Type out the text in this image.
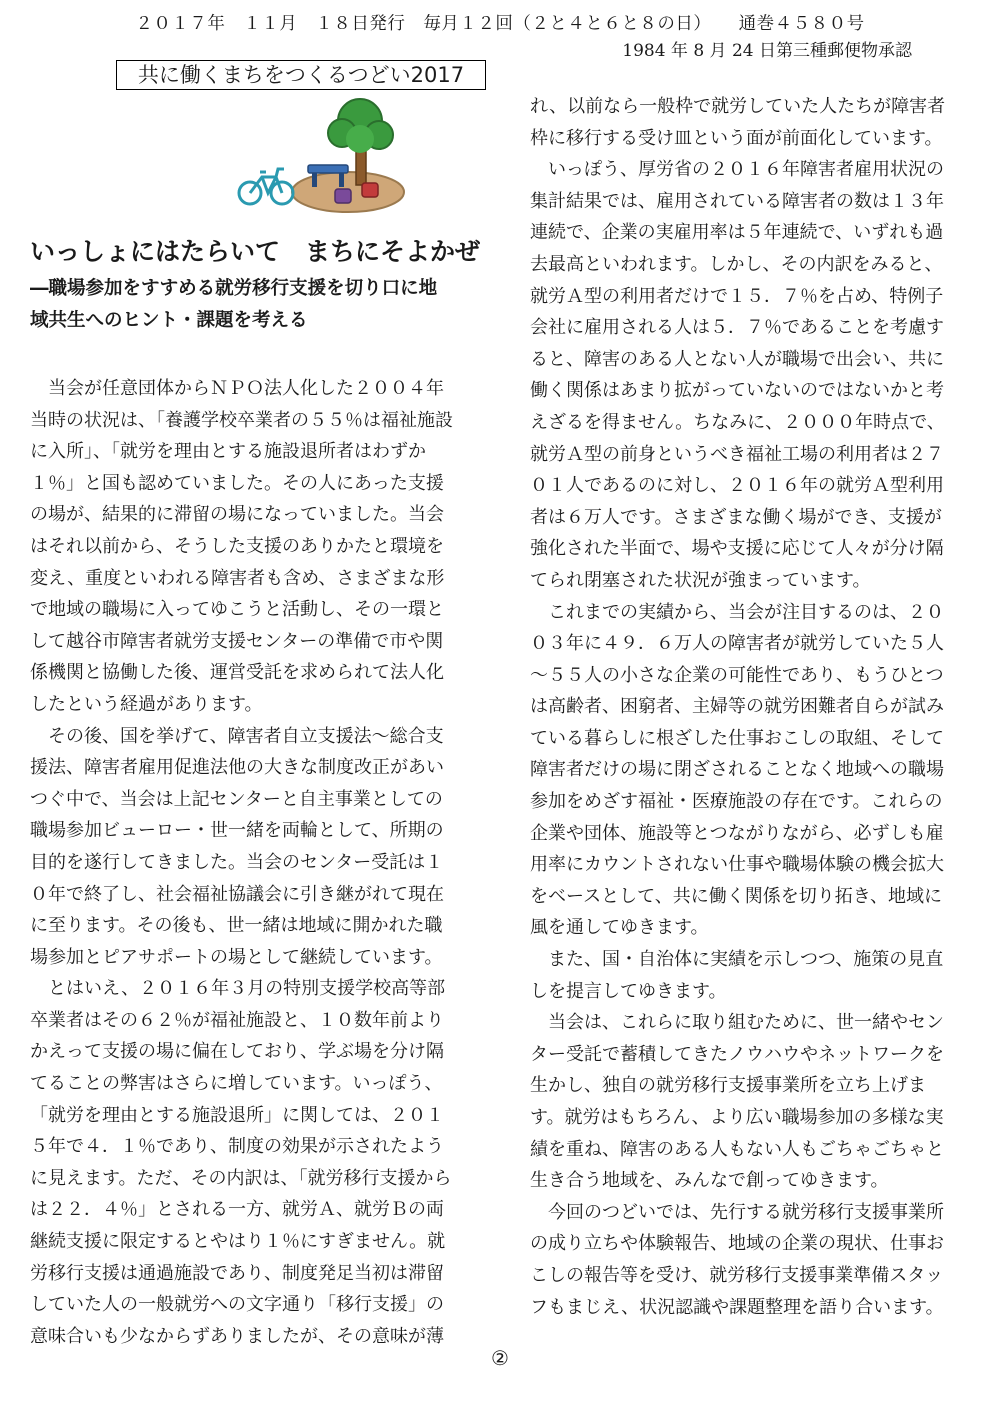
２０１７年　１１月　１８日発行　毎月１２回（２と４と６と８の日）　　通巻４５８０号
1984 年 8 月 24 日第三種郵便物承認
共に働くまちをつくるつどい2017
いっしょにはたらいて　まちにそよかぜ
―職場参加をすすめる就労移行支援を切り口に地
域共生へのヒント・課題を考える
　当会が任意団体からＮＰＯ法人化した２００４年
当時の状況は、「養護学校卒業者の５５％は福祉施設
に入所」、「就労を理由とする施設退所者はわずか
１％」と国も認めていました。その人にあった支援
の場が、結果的に滞留の場になっていました。当会
はそれ以前から、そうした支援のありかたと環境を
変え、重度といわれる障害者も含め、さまざまな形
で地域の職場に入ってゆこうと活動し、その一環と
して越谷市障害者就労支援センターの準備で市や関
係機関と協働した後、運営受託を求められて法人化
したという経過があります。
　その後、国を挙げて、障害者自立支援法～総合支
援法、障害者雇用促進法他の大きな制度改正があい
つぐ中で、当会は上記センターと自主事業としての
職場参加ビューロー・世一緒を両輪として、所期の
目的を遂行してきました。当会のセンター受託は１
０年で終了し、社会福祉協議会に引き継がれて現在
に至ります。その後も、世一緒は地域に開かれた職
場参加とピアサポートの場として継続しています。
　とはいえ、２０１６年３月の特別支援学校高等部
卒業者はその６２％が福祉施設と、１０数年前より
かえって支援の場に偏在しており、学ぶ場を分け隔
てることの弊害はさらに増しています。いっぽう、
「就労を理由とする施設退所」に関しては、２０１
５年で４．１％であり、制度の効果が示されたよう
に見えます。ただ、その内訳は、「就労移行支援から
は２２．４％」とされる一方、就労Ａ、就労Ｂの両
継続支援に限定するとやはり１％にすぎません。就
労移行支援は通過施設であり、制度発足当初は滞留
していた人の一般就労への文字通り「移行支援」の
意味合いも少なからずありましたが、その意味が薄
れ、以前なら一般枠で就労していた人たちが障害者
枠に移行する受け皿という面が前面化しています。
　いっぽう、厚労省の２０１６年障害者雇用状況の
集計結果では、雇用されている障害者の数は１３年
連続で、企業の実雇用率は５年連続で、いずれも過
去最高といわれます。しかし、その内訳をみると、
就労Ａ型の利用者だけで１５．７％を占め、特例子
会社に雇用される人は５．７％であることを考慮す
ると、障害のある人とない人が職場で出会い、共に
働く関係はあまり拡がっていないのではないかと考
えざるを得ません。ちなみに、２０００年時点で、
就労Ａ型の前身というべき福祉工場の利用者は２７
０１人であるのに対し、２０１６年の就労Ａ型利用
者は６万人です。さまざまな働く場ができ、支援が
強化された半面で、場や支援に応じて人々が分け隔
てられ閉塞された状況が強まっています。
　これまでの実績から、当会が注目するのは、２０
０３年に４９．６万人の障害者が就労していた５人
～５５人の小さな企業の可能性であり、もうひとつ
は高齢者、困窮者、主婦等の就労困難者自らが試み
ている暮らしに根ざした仕事おこしの取組、そして
障害者だけの場に閉ざされることなく地域への職場
参加をめざす福祉・医療施設の存在です。これらの
企業や団体、施設等とつながりながら、必ずしも雇
用率にカウントされない仕事や職場体験の機会拡大
をベースとして、共に働く関係を切り拓き、地域に
風を通してゆきます。
　また、国・自治体に実績を示しつつ、施策の見直
しを提言してゆきます。
　当会は、これらに取り組むために、世一緒やセン
ター受託で蓄積してきたノウハウやネットワークを
生かし、独自の就労移行支援事業所を立ち上げま
す。就労はもちろん、より広い職場参加の多様な実
績を重ね、障害のある人もない人もごちゃごちゃと
生き合う地域を、みんなで創ってゆきます。
　今回のつどいでは、先行する就労移行支援事業所
の成り立ちや体験報告、地域の企業の現状、仕事お
こしの報告等を受け、就労移行支援事業準備スタッ
フもまじえ、状況認識や課題整理を語り合います。
②
